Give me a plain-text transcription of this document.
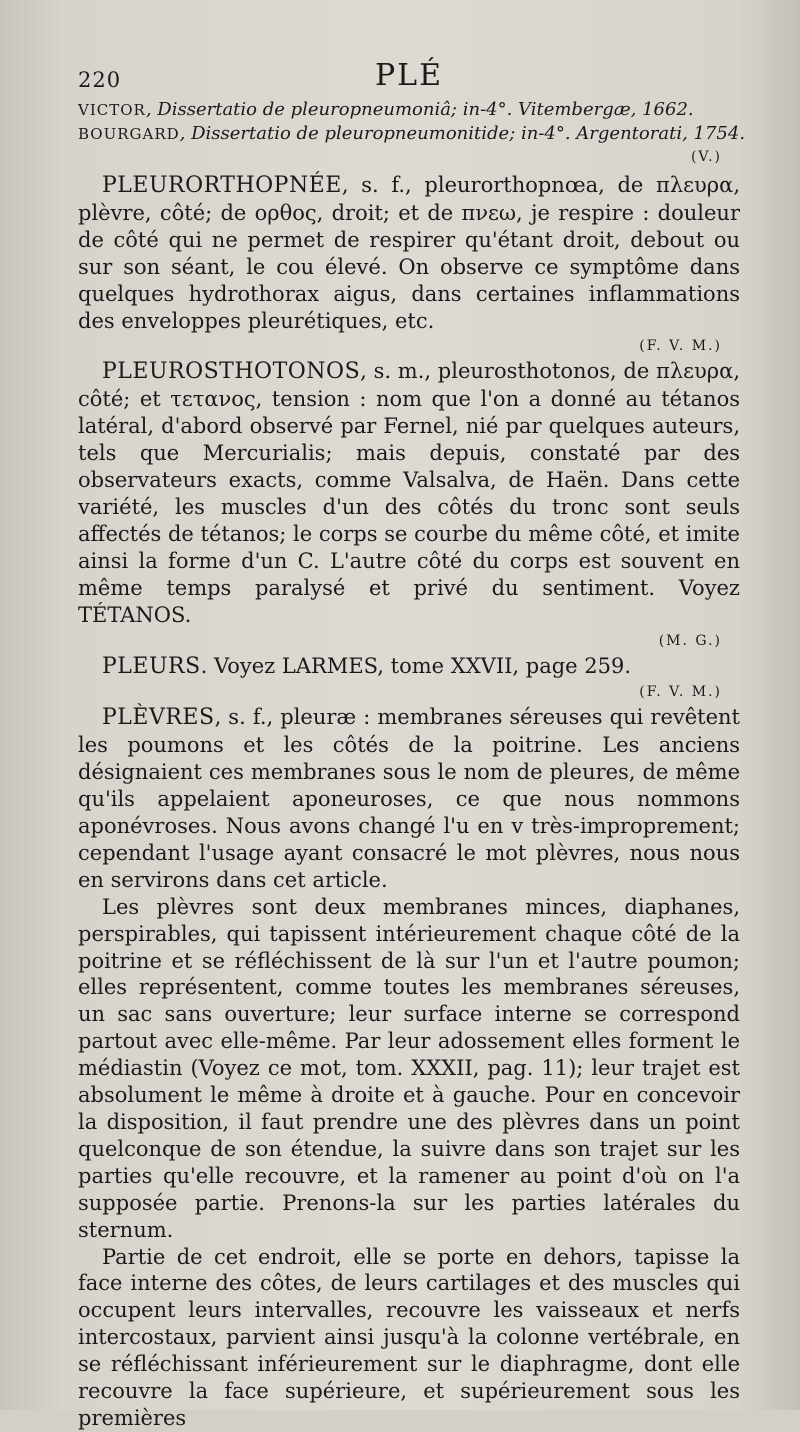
220	PLÉ
VICTOR, Dissertatio de pleuropneumoniâ; in-4°. Vitembergæ, 1662.
BOURGARD, Dissertatio de pleuropneumonitide; in-4°. Argentorati, 1754.
(V.)

PLEURORTHOPNÉE, s. f., pleurorthopnœa, de πλευρα, plèvre, côté; de ορθος, droit; et de πνεω, je respire : douleur de côté qui ne permet de respirer qu'étant droit, debout ou sur son séant, le cou élevé. On observe ce symptôme dans quelques hydrothorax aigus, dans certaines inflammations des enveloppes pleurétiques, etc.

(F. V. M.)

PLEUROSTHOTONOS, s. m., pleurosthotonos, de πλευρα, côté; et τετανος, tension : nom que l'on a donné au tétanos latéral, d'abord observé par Fernel, nié par quelques auteurs, tels que Mercurialis; mais depuis, constaté par des observateurs exacts, comme Valsalva, de Haën. Dans cette variété, les muscles d'un des côtés du tronc sont seuls affectés de tétanos; le corps se courbe du même côté, et imite ainsi la forme d'un C. L'autre côté du corps est souvent en même temps paralysé et privé du sentiment. Voyez TÉTANOS.

(M. G.)

PLEURS. Voyez LARMES, tome XXVII, page 259.

(F. V. M.)

PLÈVRES, s. f., pleuræ : membranes séreuses qui revêtent les poumons et les côtés de la poitrine. Les anciens désignaient ces membranes sous le nom de pleures, de même qu'ils appelaient aponeuroses, ce que nous nommons aponévroses. Nous avons changé l'u en v très-improprement; cependant l'usage ayant consacré le mot plèvres, nous nous en servirons dans cet article.

Les plèvres sont deux membranes minces, diaphanes, perspirables, qui tapissent intérieurement chaque côté de la poitrine et se réfléchissent de là sur l'un et l'autre poumon; elles représentent, comme toutes les membranes séreuses, un sac sans ouverture; leur surface interne se correspond partout avec elle-même. Par leur adossement elles forment le médiastin (Voyez ce mot, tom. XXXII, pag. 11); leur trajet est absolument le même à droite et à gauche. Pour en concevoir la disposition, il faut prendre une des plèvres dans un point quelconque de son étendue, la suivre dans son trajet sur les parties qu'elle recouvre, et la ramener au point d'où on l'a supposée partie. Prenons-la sur les parties latérales du sternum.

Partie de cet endroit, elle se porte en dehors, tapisse la face interne des côtes, de leurs cartilages et des muscles qui occupent leurs intervalles, recouvre les vaisseaux et nerfs intercostaux, parvient ainsi jusqu'à la colonne vertébrale, en se réfléchissant inférieurement sur le diaphragme, dont elle recouvre la face supérieure, et supérieurement sous les premières
